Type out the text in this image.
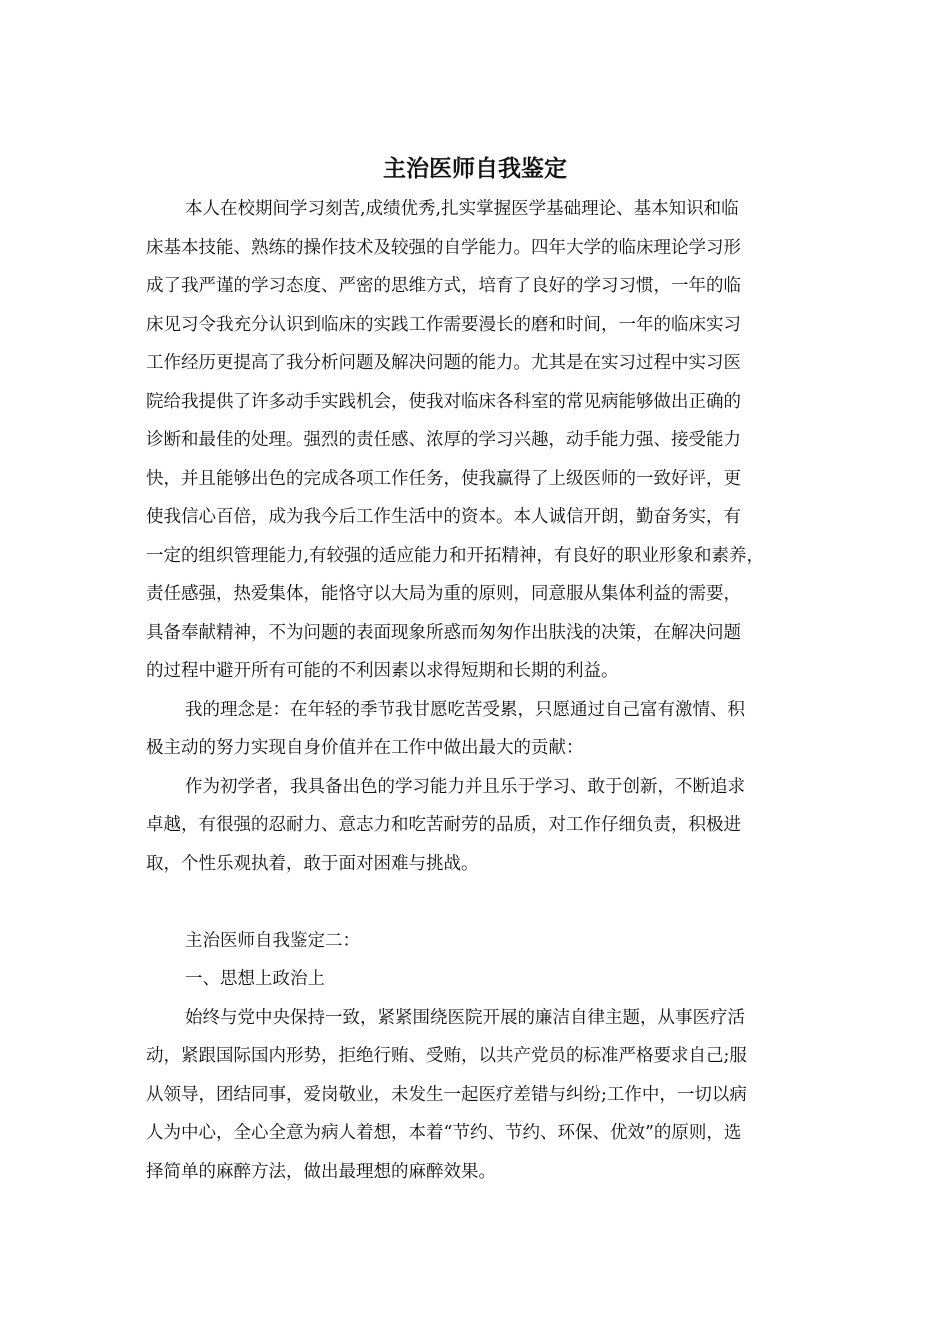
主治医师自我鉴定
本人在校期间学习刻苦,成绩优秀,扎实掌握医学基础理论、基本知识和临
床基本技能、熟练的操作技术及较强的自学能力。四年大学的临床理论学习形
成了我严谨的学习态度、严密的思维方式，培育了良好的学习习惯，一年的临
床见习令我充分认识到临床的实践工作需要漫长的磨和时间，一年的临床实习
工作经历更提高了我分析问题及解决问题的能力。尤其是在实习过程中实习医
院给我提供了许多动手实践机会，使我对临床各科室的常见病能够做出正确的
诊断和最佳的处理。强烈的责任感、浓厚的学习兴趣，动手能力强、接受能力
快，并且能够出色的完成各项工作任务，使我赢得了上级医师的一致好评，更
使我信心百倍，成为我今后工作生活中的资本。本人诚信开朗，勤奋务实，有
一定的组织管理能力,有较强的适应能力和开拓精神，有良好的职业形象和素养，
责任感强，热爱集体，能恪守以大局为重的原则，同意服从集体利益的需要，
具备奉献精神，不为问题的表面现象所惑而匆匆作出肤浅的决策，在解决问题
的过程中避开所有可能的不利因素以求得短期和长期的利益。
我的理念是：在年轻的季节我甘愿吃苦受累，只愿通过自己富有激情、积
极主动的努力实现自身价值并在工作中做出最大的贡献：
作为初学者，我具备出色的学习能力并且乐于学习、敢于创新，不断追求
卓越，有很强的忍耐力、意志力和吃苦耐劳的品质，对工作仔细负责，积极进
取，个性乐观执着，敢于面对困难与挑战。
主治医师自我鉴定二：
一、思想上政治上
始终与党中央保持一致，紧紧围绕医院开展的廉洁自律主题，从事医疗活
动，紧跟国际国内形势，拒绝行贿、受贿，以共产党员的标准严格要求自己;服
从领导，团结同事，爱岗敬业，未发生一起医疗差错与纠纷;工作中，一切以病
人为中心，全心全意为病人着想，本着“节约、节约、环保、优效”的原则，选
择简单的麻醉方法，做出最理想的麻醉效果。
